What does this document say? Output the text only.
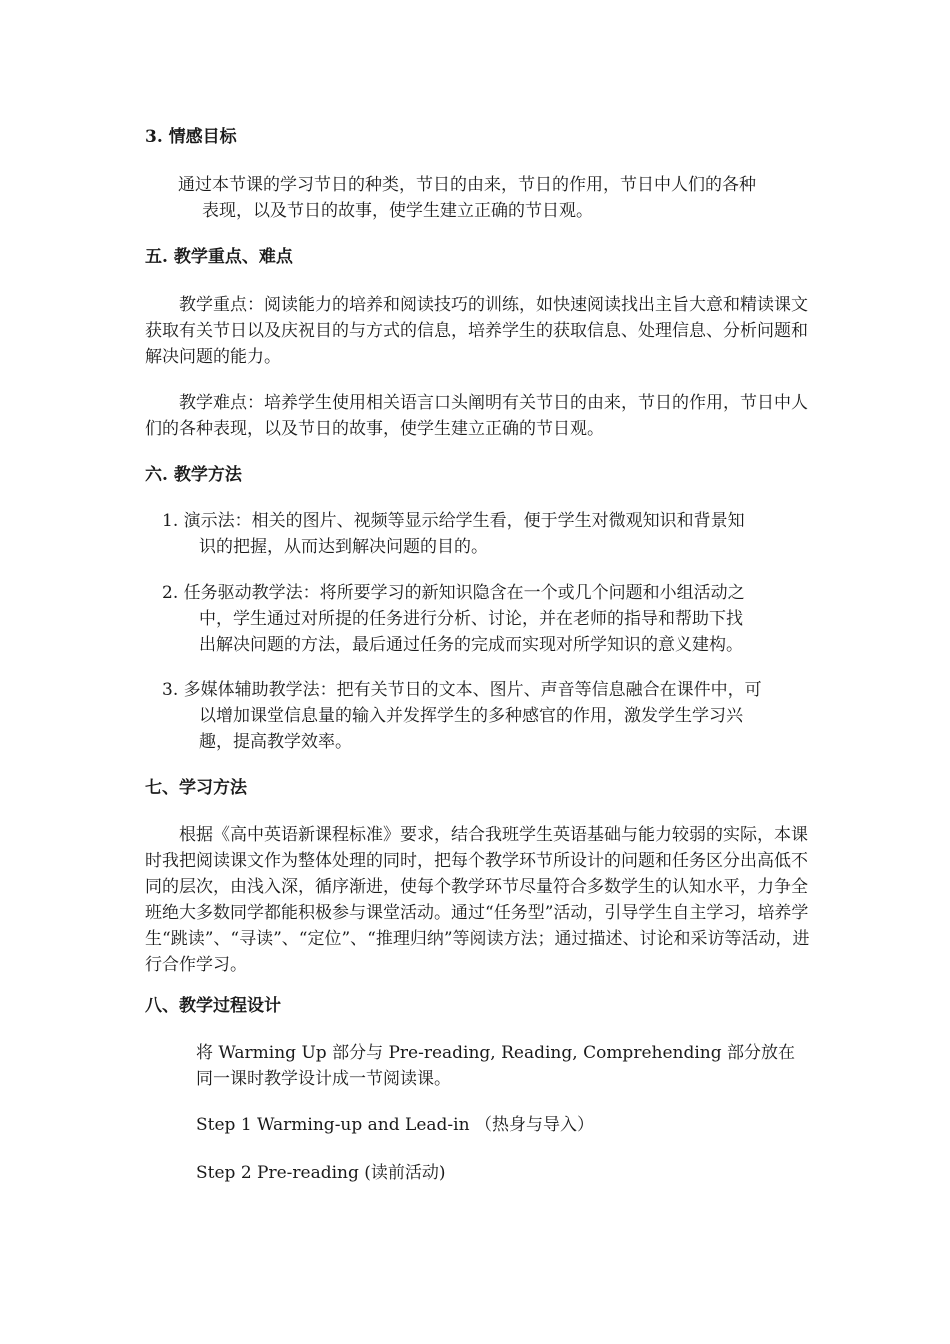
3. 情感目标
通过本节课的学习节日的种类，节日的由来，节日的作用，节日中人们的各种
表现，以及节日的故事，使学生建立正确的节日观。
五. 教学重点、难点
教学重点：阅读能力的培养和阅读技巧的训练，如快速阅读找出主旨大意和精读课文获取有关节日以及庆祝目的与方式的信息，培养学生的获取信息、处理信息、分析问题和解决问题的能力。
教学难点：培养学生使用相关语言口头阐明有关节日的由来，节日的作用，节日中人们的各种表现，以及节日的故事，使学生建立正确的节日观。
六. 教学方法
1. 演示法：相关的图片、视频等显示给学生看，便于学生对微观知识和背景知
识的把握，从而达到解决问题的目的。
2. 任务驱动教学法：将所要学习的新知识隐含在一个或几个问题和小组活动之
中，学生通过对所提的任务进行分析、讨论，并在老师的指导和帮助下找
出解决问题的方法，最后通过任务的完成而实现对所学知识的意义建构。
3. 多媒体辅助教学法：把有关节日的文本、图片、声音等信息融合在课件中，可
以增加课堂信息量的输入并发挥学生的多种感官的作用，激发学生学习兴
趣，提高教学效率。
七、学习方法
根据《高中英语新课程标准》要求，结合我班学生英语基础与能力较弱的实际，本课时我把阅读课文作为整体处理的同时，把每个教学环节所设计的问题和任务区分出高低不同的层次，由浅入深，循序渐进，使每个教学环节尽量符合多数学生的认知水平，力争全班绝大多数同学都能积极参与课堂活动。通过“任务型”活动，引导学生自主学习，培养学生“跳读”、“寻读”、“定位”、“推理归纳”等阅读方法；通过描述、讨论和采访等活动，进行合作学习。
八、教学过程设计
将 Warming Up 部分与 Pre-reading, Reading, Comprehending 部分放在同一课时教学设计成一节阅读课。
Step 1 Warming-up and Lead-in （热身与导入）
Step 2 Pre-reading (读前活动)
